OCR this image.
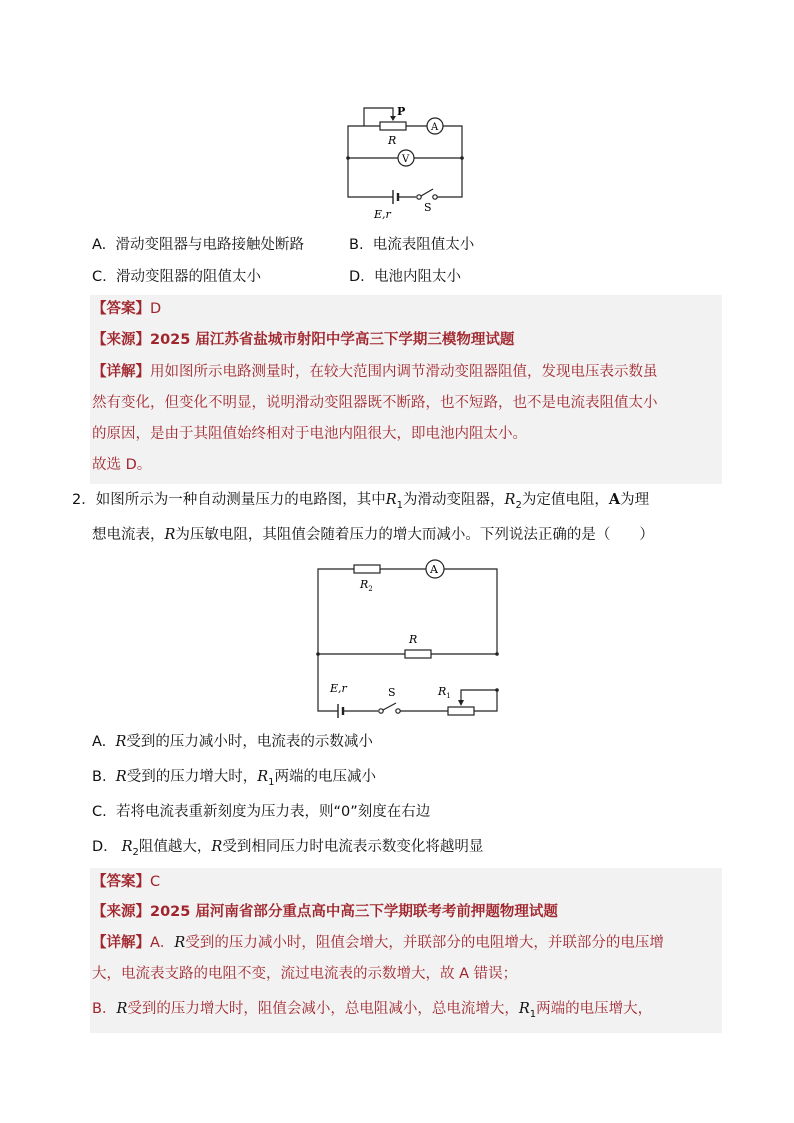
P
R
A
V
E,r
S
A. 滑动变阻器与电路接触处断路	B. 电流表阻值太小
C. 滑动变阻器的阻值太小	D. 电池内阻太小
【答案】D
【来源】2025 届江苏省盐城市射阳中学高三下学期三模物理试题
【详解】用如图所示电路测量时，在较大范围内调节滑动变阻器阻值，发现电压表示数虽
然有变化，但变化不明显，说明滑动变阻器既不断路，也不短路，也不是电流表阻值太小
的原因，是由于其阻值始终相对于电池内阻很大，即电池内阻太小。
故选 D。
2．如图所示为一种自动测量压力的电路图，其中$R_1$为滑动变阻器，$R_2$为定值电阻，A为理
想电流表，R为压敏电阻，其阻值会随着压力的增大而减小。下列说法正确的是（　　）
$R_2$
A
R
E,r	S	$R_1$
A. R受到的压力减小时，电流表的示数减小
B. R受到的压力增大时，$R_1$两端的电压减小
C. 若将电流表重新刻度为压力表，则“0”刻度在右边
D. $R_2$阻值越大，R受到相同压力时电流表示数变化将越明显
【答案】C
【来源】2025 届河南省部分重点高中高三下学期联考考前押题物理试题
【详解】A．R受到的压力减小时，阻值会增大，并联部分的电阻增大，并联部分的电压增
大，电流表支路的电阻不变，流过电流表的示数增大，故 A 错误；
B．R受到的压力增大时，阻值会减小，总电阻减小，总电流增大，$R_1$两端的电压增大，
